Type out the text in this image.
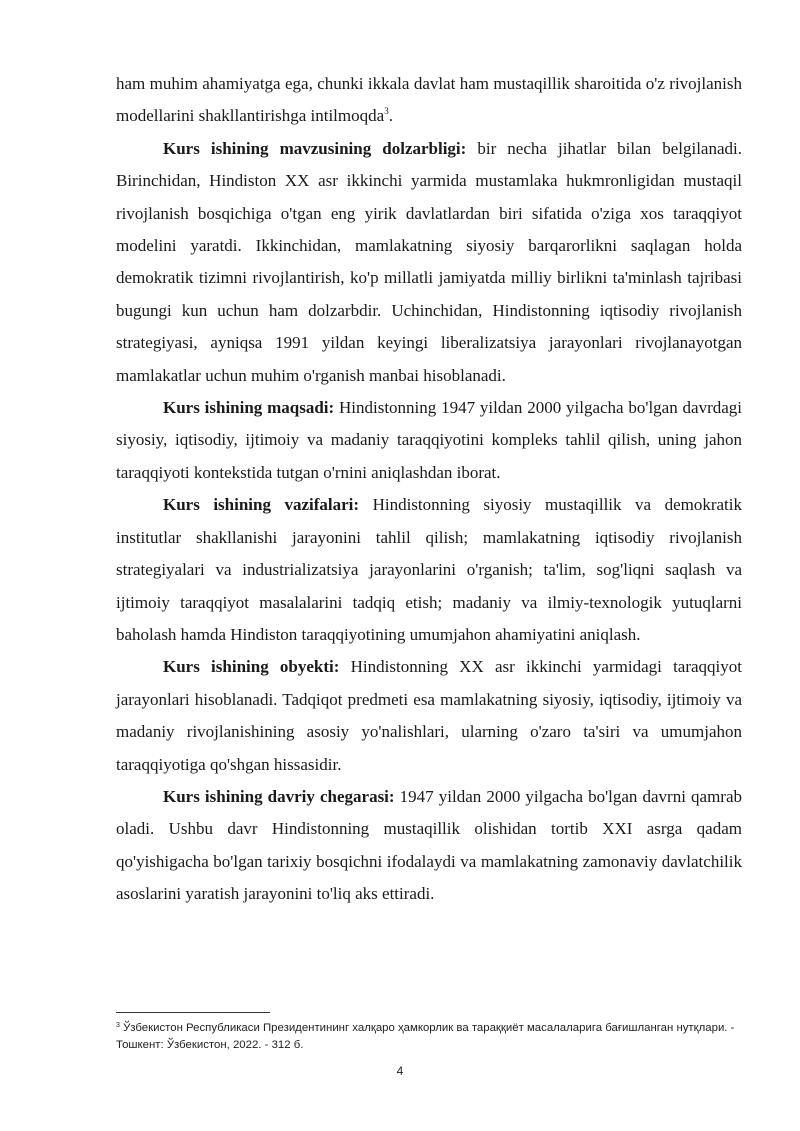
ham muhim ahamiyatga ega, chunki ikkala davlat ham mustaqillik sharoitida o'z rivojlanish modellarini shakllantirishga intilmoqda$^3$.

Kurs ishining mavzusining dolzarbligi: bir necha jihatlar bilan belgilanadi. Birinchidan, Hindiston XX asr ikkinchi yarmida mustamlaka hukmronligidan mustaqil rivojlanish bosqichiga o'tgan eng yirik davlatlardan biri sifatida o'ziga xos taraqqiyot modelini yaratdi. Ikkinchidan, mamlakatning siyosiy barqarorlikni saqlagan holda demokratik tizimni rivojlantirish, ko'p millatli jamiyatda milliy birlikni ta'minlash tajribasi bugungi kun uchun ham dolzarbdir. Uchinchidan, Hindistonning iqtisodiy rivojlanish strategiyasi, ayniqsa 1991 yildan keyingi liberalizatsiya jarayonlari rivojlanayotgan mamlakatlar uchun muhim o'rganish manbai hisoblanadi.

Kurs ishining maqsadi: Hindistonning 1947 yildan 2000 yilgacha bo'lgan davrdagi siyosiy, iqtisodiy, ijtimoiy va madaniy taraqqiyotini kompleks tahlil qilish, uning jahon taraqqiyoti kontekstida tutgan o'rnini aniqlashdan iborat.

Kurs ishining vazifalari: Hindistonning siyosiy mustaqillik va demokratik institutlar shakllanishi jarayonini tahlil qilish; mamlakatning iqtisodiy rivojlanish strategiyalari va industrializatsiya jarayonlarini o'rganish; ta'lim, sog'liqni saqlash va ijtimoiy taraqqiyot masalalarini tadqiq etish; madaniy va ilmiy-texnologik yutuqlarni baholash hamda Hindiston taraqqiyotining umumjahon ahamiyatini aniqlash.

Kurs ishining obyekti: Hindistonning XX asr ikkinchi yarmidagi taraqqiyot jarayonlari hisoblanadi. Tadqiqot predmeti esa mamlakatning siyosiy, iqtisodiy, ijtimoiy va madaniy rivojlanishining asosiy yo'nalishlari, ularning o'zaro ta'siri va umumjahon taraqqiyotiga qo'shgan hissasidir.

Kurs ishining davriy chegarasi: 1947 yildan 2000 yilgacha bo'lgan davrni qamrab oladi. Ushbu davr Hindistonning mustaqillik olishidan tortib XXI asrga qadam qo'yishigacha bo'lgan tarixiy bosqichni ifodalaydi va mamlakatning zamonaviy davlatchilik asoslarini yaratish jarayonini to'liq aks ettiradi.

$^3$ Ўзбекистон Республикаси Президентининг халқаро ҳамкорлик ва тараққиёт масалаларига бағишланган нутқлари. - Тошкент: Ўзбекистон, 2022. - 312 б.

4
